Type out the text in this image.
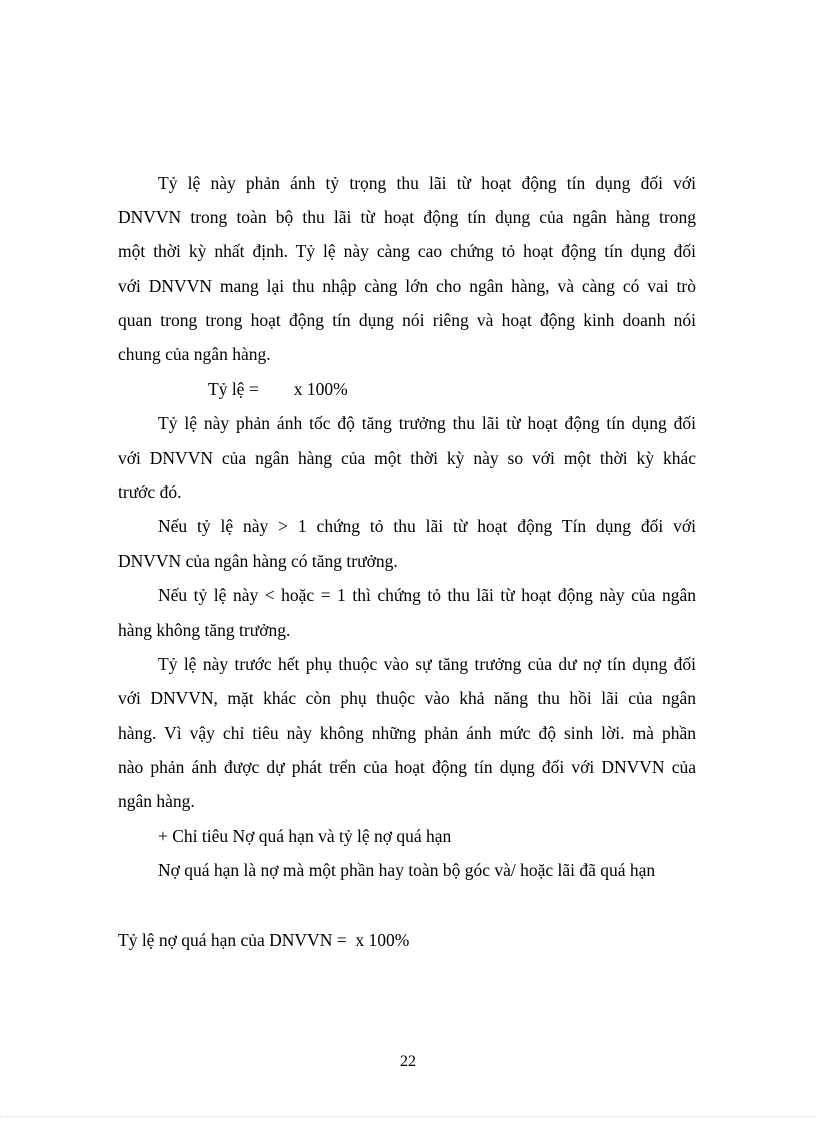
Tỷ lệ này phản ánh tỷ trọng thu lãi từ hoạt động tín dụng đối với
DNVVN trong toàn bộ thu lãi từ hoạt động tín dụng của ngân hàng trong
một thời kỳ nhất định. Tỷ lệ này càng cao chứng tỏ hoạt động tín dụng đối
với DNVVN mang lại thu nhập càng lớn cho ngân hàng, và càng có vai trò
quan trong trong hoạt động tín dụng nói riêng và hoạt động kinh doanh nói
chung của ngân hàng.
Tỷ lệ =        x 100%
Tỷ lệ này phản ánh tốc độ tăng trưởng thu lãi từ hoạt động tín dụng đối
với DNVVN của ngân hàng của một thời kỳ này so với một thời kỳ khác
trước đó.
Nếu tỷ lệ này > 1 chứng tỏ thu lãi từ hoạt động Tín dụng đối với
DNVVN của ngân hàng có tăng trưởng.
Nếu tỷ lệ này < hoặc = 1 thì chứng tỏ thu lãi từ hoạt động này của ngân
hàng không tăng trưởng.
Tỷ lệ này trước hết phụ thuộc vào sự tăng trưởng của dư nợ tín dụng đối
với DNVVN, mặt khác còn phụ thuộc vào khả năng thu hồi lãi của ngân
hàng. Vì vậy chỉ tiêu này không những phản ánh mức độ sinh lời. mà phần
nào phản ánh được dự phát trển của hoạt động tín dụng đối với DNVVN của
ngân hàng.
+ Chỉ tiêu Nợ quá hạn và tỷ lệ nợ quá hạn
Nợ quá hạn là nợ mà một phần hay toàn bộ góc và/ hoặc lãi đã quá hạn
Tỷ lệ nợ quá hạn của DNVVN =  x 100%
22
